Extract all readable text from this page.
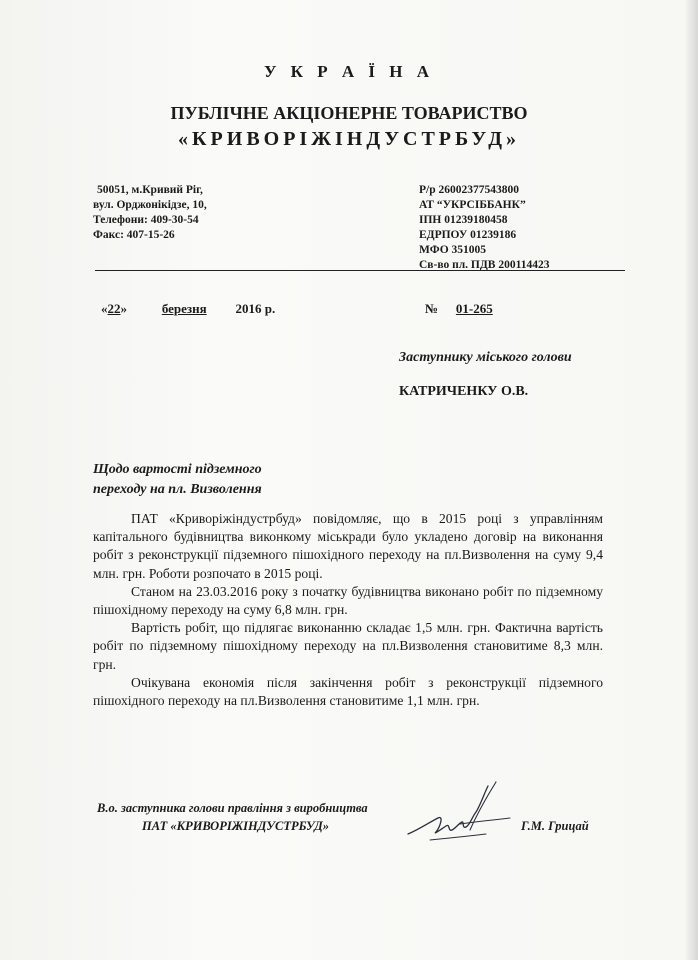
У К Р А Ї Н А
ПУБЛІЧНЕ АКЦІОНЕРНЕ ТОВАРИСТВО
«КРИВОРІЖІНДУСТРБУД»
50051, м.Кривий Ріг,
вул. Орджонікідзе, 10,
Телефони: 409-30-54
Факс: 407-15-26
Р/р 26002377543800
АТ “УКРСІББАНК”
ІПН 01239180458
ЕДРПОУ 01239186
МФО 351005
Св-во пл. ПДВ 200114423
«22»	березня 2016 р.	№ 01-265
Заступнику міського голови
КАТРИЧЕНКУ О.В.
Щодо вартості підземного
переходу на пл. Визволення

ПАТ «Криворіжіндустрбуд» повідомляє, що в 2015 році з управлінням капітального будівництва виконкому міськради було укладено договір на виконання робіт з реконструкції підземного пішохідного переходу на пл.Визволення на суму 9,4 млн. грн. Роботи розпочато в 2015 році.

Станом на 23.03.2016 року з початку будівництва виконано робіт по підземному пішохідному переходу на суму 6,8 млн. грн.

Вартість робіт, що підлягає виконанню складає 1,5 млн. грн. Фактична вартість робіт по підземному пішохідному переходу на пл.Визволення становитиме 8,3 млн. грн.

Очікувана економія після закінчення робіт з реконструкції підземного пішохідного переходу на пл.Визволення становитиме 1,1 млн. грн.

В.о. заступника голови правління з виробництва
ПАТ «КРИВОРІЖІНДУСТРБУД»	Г.М. Грицай
